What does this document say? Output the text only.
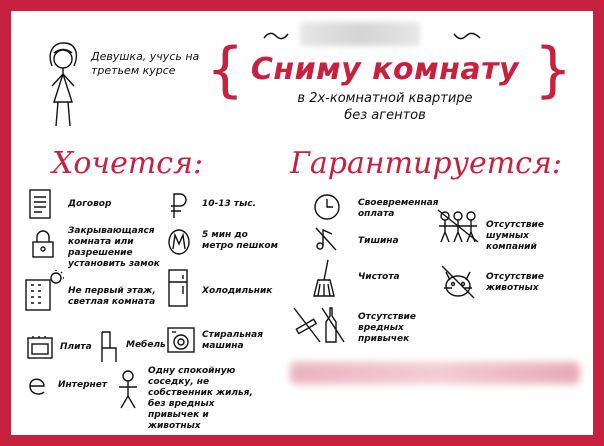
Девушка, учусь на третьем курсе {	}
Сниму комнату
в 2х-комнатной квартире
без агентов
Хочется:	Гарантируется:
Договор
Закрывающаяся комната или разрешение установить замок
Не первый этаж, светлая комната
Плита	Мебель
Интернет
10-13 тыс.
5 мин до метро пешком
Холодильник
Стиральная машина
Одну спокойную соседку, не собственник жилья, без вредных привычек и животных
Своевременная оплата
Тишина
Чистота
Отсутствие вредных привычек
Отсутствие шумных компаний
Отсутствие животных
